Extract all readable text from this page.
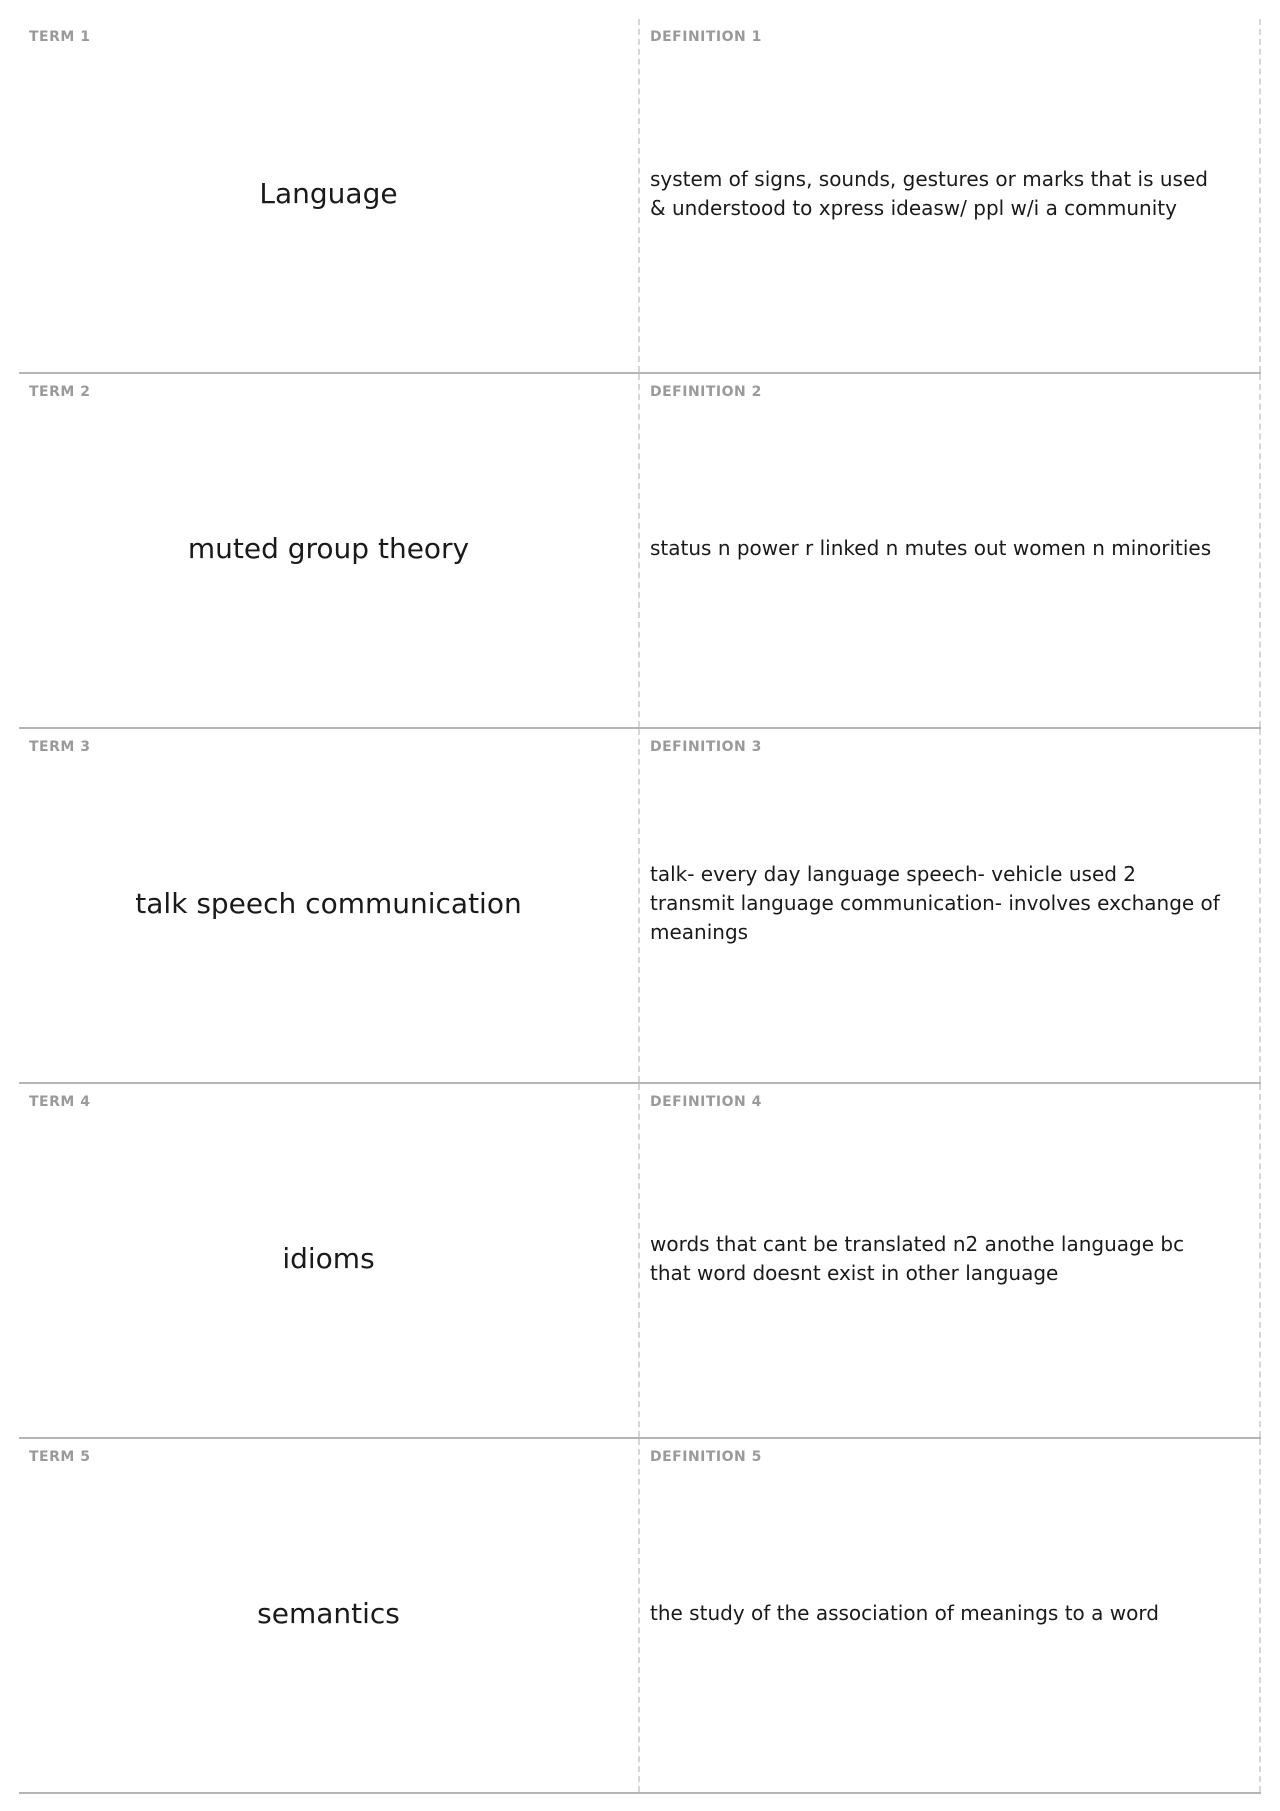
TERM 1
Language
DEFINITION 1
system of signs, sounds, gestures or marks that is used & understood to xpress ideasw/ ppl w/i a community
TERM 2
muted group theory
DEFINITION 2
status n power r linked n mutes out women n minorities
TERM 3
talk speech communication
DEFINITION 3
talk- every day language speech- vehicle used 2 transmit language communication- involves exchange of meanings
TERM 4
idioms
DEFINITION 4
words that cant be translated n2 anothe language bc that word doesnt exist in other language
TERM 5
semantics
DEFINITION 5
the study of the association of meanings to a word
